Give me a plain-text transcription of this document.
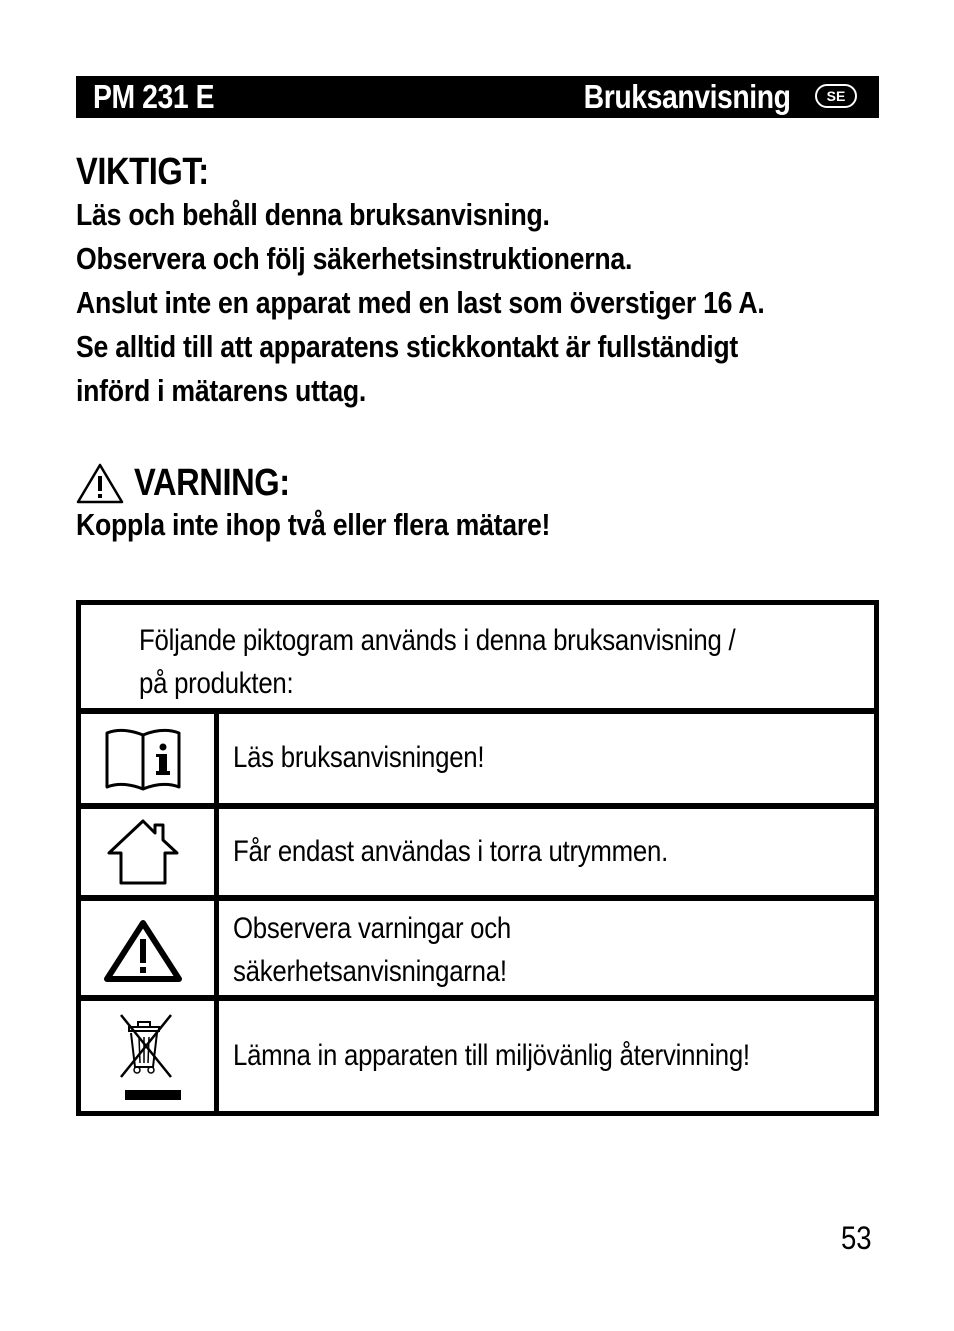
PM 231 E	Bruksanvisning	SE
VIKTIGT:
Läs och behåll denna bruksanvisning.
Observera och följ säkerhetsinstruktionerna.
Anslut inte en apparat med en last som överstiger 16 A.
Se alltid till att apparatens stickkontakt är fullständigt
införd i mätarens uttag.
VARNING:
Koppla inte ihop två eller flera mätare!
Följande piktogram används i denna bruksanvisning /
på produkten:
Läs bruksanvisningen!
Får endast användas i torra utrymmen.
Observera varningar och
säkerhetsanvisningarna!
Lämna in apparaten till miljövänlig återvinning!
53
